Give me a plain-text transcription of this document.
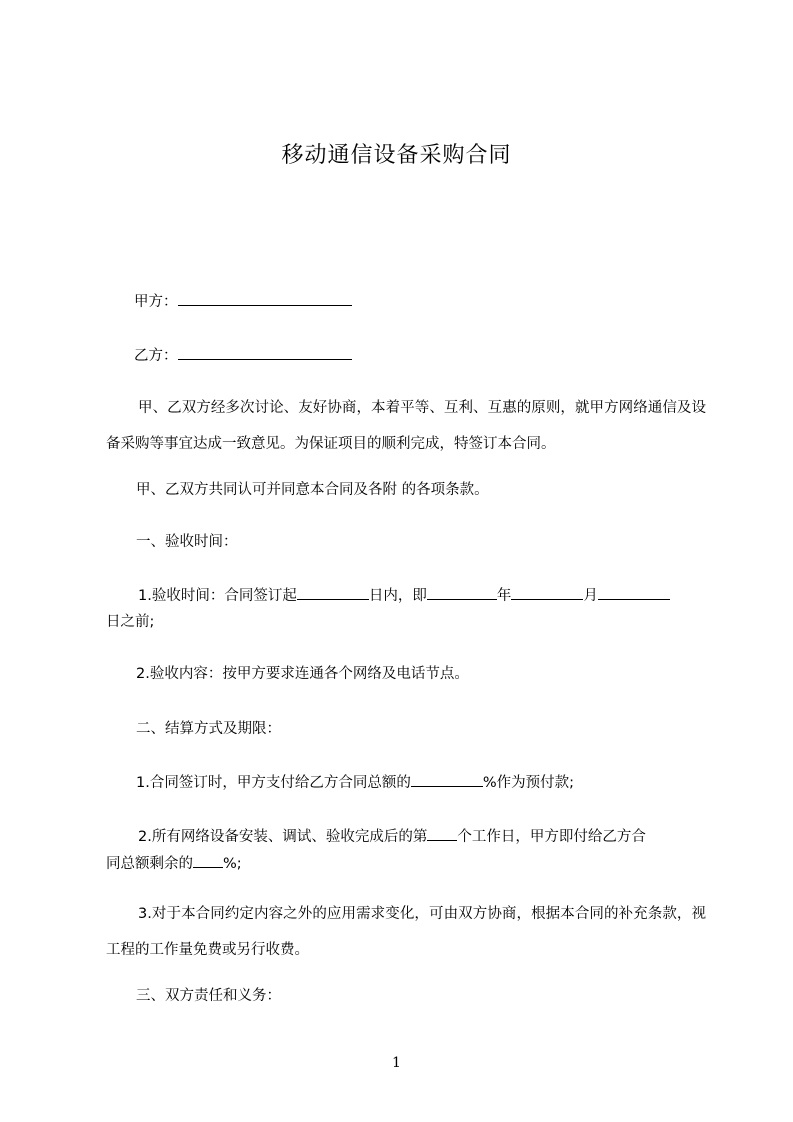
移动通信设备采购合同
甲方：
乙方：
甲、乙双方经多次讨论、友好协商，本着平等、互利、互惠的原则，就甲方网络通信及设备采购等事宜达成一致意见。为保证项目的顺利完成，特签订本合同。
甲、乙双方共同认可并同意本合同及各附 的各项条款。
一、验收时间：
1.验收时间：合同签订起	日内，即	年	月
日之前;
2.验收内容：按甲方要求连通各个网络及电话节点。
二、结算方式及期限：
1.合同签订时，甲方支付给乙方合同总额的	%作为预付款;
2.所有网络设备安装、调试、验收完成后的第 个工作日，甲方即付给乙方合
同总额剩余的 %;
3.对于本合同约定内容之外的应用需求变化，可由双方协商，根据本合同的补充条款，视工程的工作量免费或另行收费。
三、双方责任和义务：
1
